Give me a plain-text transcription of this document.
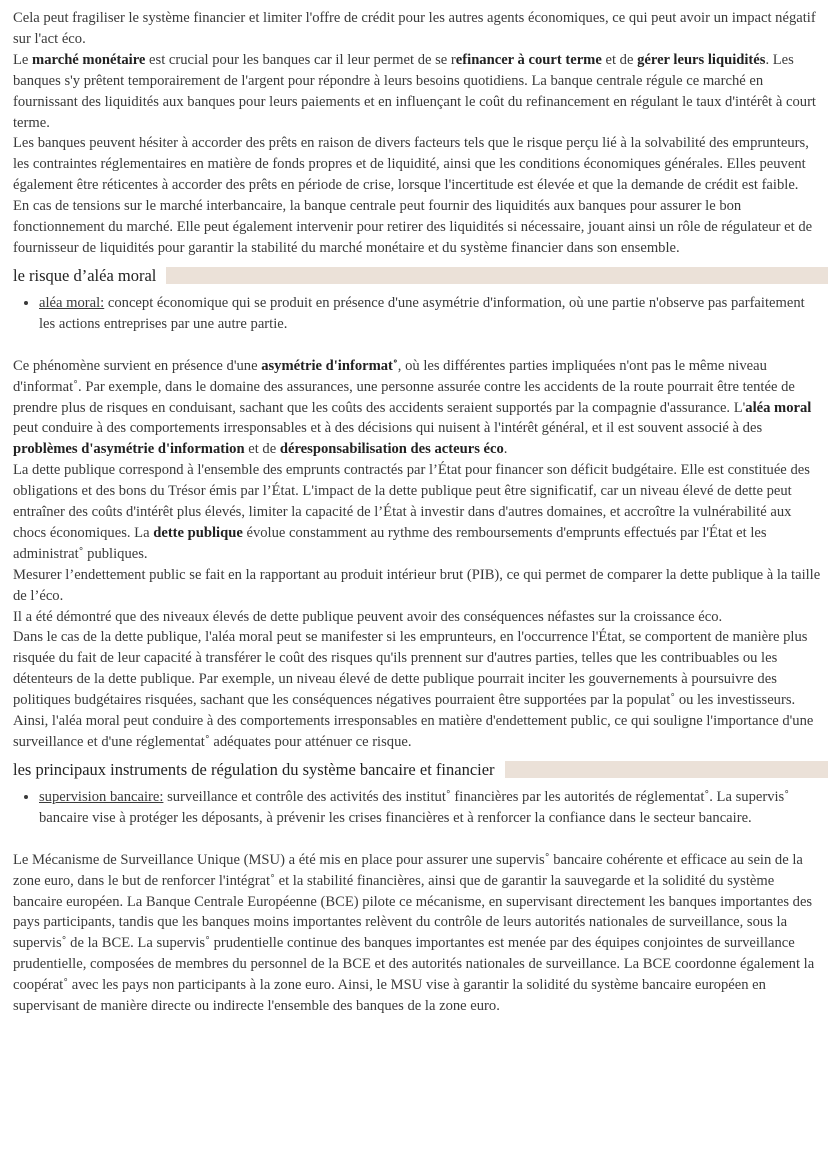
Cela peut fragiliser le système financier et limiter l'offre de crédit pour les autres agents économiques, ce qui peut avoir un impact négatif sur l'act éco.

Le marché monétaire est crucial pour les banques car il leur permet de se refinancer à court terme et de gérer leurs liquidités. Les banques s'y prêtent temporairement de l'argent pour répondre à leurs besoins quotidiens. La banque centrale régule ce marché en fournissant des liquidités aux banques pour leurs paiements et en influençant le coût du refinancement en régulant le taux d'intérêt à court terme.

Les banques peuvent hésiter à accorder des prêts en raison de divers facteurs tels que le risque perçu lié à la solvabilité des emprunteurs, les contraintes réglementaires en matière de fonds propres et de liquidité, ainsi que les conditions économiques générales. Elles peuvent également être réticentes à accorder des prêts en période de crise, lorsque l'incertitude est élevée et que la demande de crédit est faible.

En cas de tensions sur le marché interbancaire, la banque centrale peut fournir des liquidités aux banques pour assurer le bon fonctionnement du marché. Elle peut également intervenir pour retirer des liquidités si nécessaire, jouant ainsi un rôle de régulateur et de fournisseur de liquidités pour garantir la stabilité du marché monétaire et du système financier dans son ensemble.

le risque d’aléa moral
• aléa moral: concept économique qui se produit en présence d'une asymétrie d'information, où une partie n'observe pas parfaitement les actions entreprises par une autre partie.

Ce phénomène survient en présence d'une asymétrie d'informat˚, où les différentes parties impliquées n'ont pas le même niveau d'informat˚. Par exemple, dans le domaine des assurances, une personne assurée contre les accidents de la route pourrait être tentée de prendre plus de risques en conduisant, sachant que les coûts des accidents seraient supportés par la compagnie d'assurance. L'aléa moral peut conduire à des comportements irresponsables et à des décisions qui nuisent à l'intérêt général, et il est souvent associé à des problèmes d'asymétrie d'information et de déresponsabilisation des acteurs éco.

La dette publique correspond à l'ensemble des emprunts contractés par l’État pour financer son déficit budgétaire. Elle est constituée des obligations et des bons du Trésor émis par l’État. L'impact de la dette publique peut être significatif, car un niveau élevé de dette peut entraîner des coûts d'intérêt plus élevés, limiter la capacité de l’État à investir dans d'autres domaines, et accroître la vulnérabilité aux chocs économiques. La dette publique évolue constamment au rythme des remboursements d'emprunts effectués par l'État et les administrat˚ publiques.

Mesurer l’endettement public se fait en la rapportant au produit intérieur brut (PIB), ce qui permet de comparer la dette publique à la taille de l’éco.

Il a été démontré que des niveaux élevés de dette publique peuvent avoir des conséquences néfastes sur la croissance éco.

Dans le cas de la dette publique, l'aléa moral peut se manifester si les emprunteurs, en l'occurrence l'État, se comportent de manière plus risquée du fait de leur capacité à transférer le coût des risques qu'ils prennent sur d'autres parties, telles que les contribuables ou les détenteurs de la dette publique. Par exemple, un niveau élevé de dette publique pourrait inciter les gouvernements à poursuivre des politiques budgétaires risquées, sachant que les conséquences négatives pourraient être supportées par la populat˚ ou les investisseurs. Ainsi, l'aléa moral peut conduire à des comportements irresponsables en matière d'endettement public, ce qui souligne l'importance d'une surveillance et d'une réglementat˚ adéquates pour atténuer ce risque.

les principaux instruments de régulation du système bancaire et financier
• supervision bancaire: surveillance et contrôle des activités des institut˚ financières par les autorités de réglementat˚. La supervis˚ bancaire vise à protéger les déposants, à prévenir les crises financières et à renforcer la confiance dans le secteur bancaire.

Le Mécanisme de Surveillance Unique (MSU) a été mis en place pour assurer une supervis˚ bancaire cohérente et efficace au sein de la zone euro, dans le but de renforcer l'intégrat˚ et la stabilité financières, ainsi que de garantir la sauvegarde et la solidité du système bancaire européen. La Banque Centrale Européenne (BCE) pilote ce mécanisme, en supervisant directement les banques importantes des pays participants, tandis que les banques moins importantes relèvent du contrôle de leurs autorités nationales de surveillance, sous la supervis˚ de la BCE. La supervis˚ prudentielle continue des banques importantes est menée par des équipes conjointes de surveillance prudentielle, composées de membres du personnel de la BCE et des autorités nationales de surveillance. La BCE coordonne également la coopérat˚ avec les pays non participants à la zone euro. Ainsi, le MSU vise à garantir la solidité du système bancaire européen en supervisant de manière directe ou indirecte l'ensemble des banques de la zone euro.
